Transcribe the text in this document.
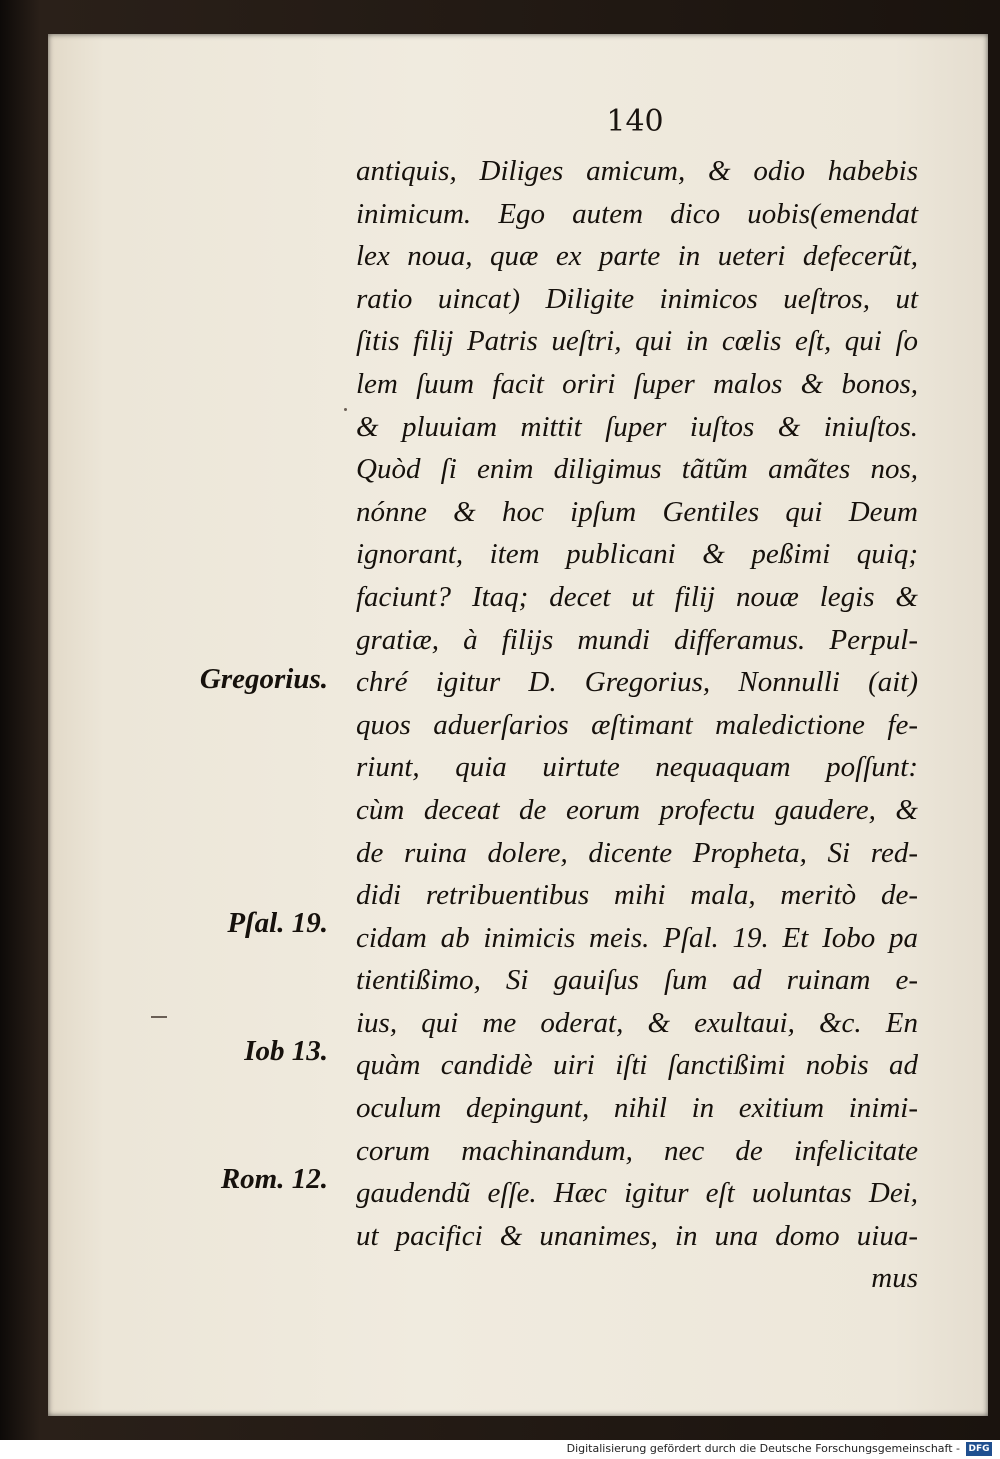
140
Gregorius.
Pſal. 19.
Iob 13.
Rom. 12.
antiquis, Diliges amicum, & odio habebis
inimicum. Ego autem dico uobis(emendat
lex noua, quæ ex parte in ueteri defecerũt,
ratio uincat) Diligite inimicos ueſtros, ut
ſitis filij Patris ueſtri, qui in cœlis eſt, qui ſo
lem ſuum facit oriri ſuper malos & bonos,
& pluuiam mittit ſuper iuſtos & iniuſtos.
Quòd ſi enim diligimus tãtũm amãtes nos,
nónne & hoc ipſum Gentiles qui Deum
ignorant, item publicani & peßimi quiq;
faciunt? Itaq; decet ut filij nouæ legis &
gratiæ, à filijs mundi differamus. Perpul-
chré igitur D. Gregorius, Nonnulli (ait)
quos aduerſarios æſtimant maledictione fe-
riunt, quia uirtute nequaquam poſſunt:
cùm deceat de eorum profectu gaudere, &
de ruina dolere, dicente Propheta, Si red-
didi retribuentibus mihi mala, meritò de-
cidam ab inimicis meis. Pſal. 19. Et Iobo pa
tientißimo, Si gauiſus ſum ad ruinam e-
ius, qui me oderat, & exultaui, &c. En
quàm candidè uiri iſti ſanctißimi nobis ad
oculum depingunt, nihil in exitium inimi-
corum machinandum, nec de infelicitate
gaudendũ eſſe. Hæc igitur eſt uoluntas Dei,
ut pacifici & unanimes, in una domo uiua-
mus
Digitalisierung gefördert durch die Deutsche Forschungsgemeinschaft - DFG
